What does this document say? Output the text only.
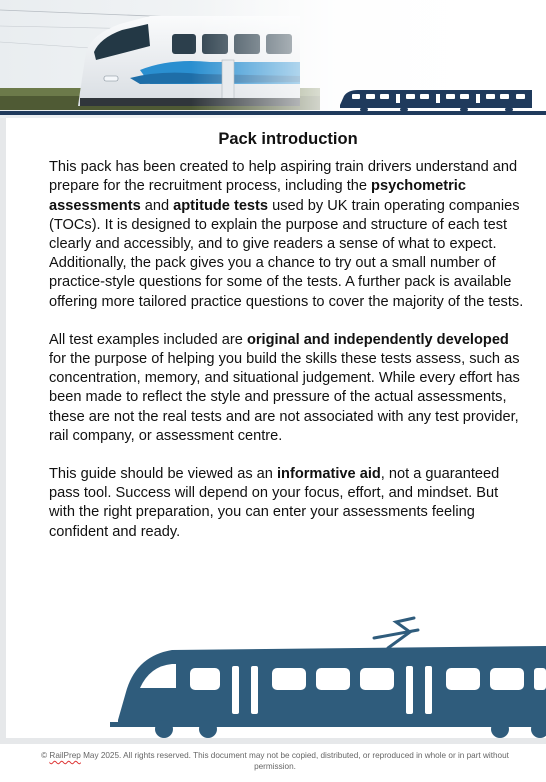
Pack introduction

This pack has been created to help aspiring train drivers understand and prepare for the recruitment process, including the psychometric assessments and aptitude tests used by UK train operating companies (TOCs). It is designed to explain the purpose and structure of each test clearly and accessibly, and to give readers a sense of what to expect. Additionally, the pack gives you a chance to try out a small number of practice-style questions for some of the tests. A further pack is available offering more tailored practice questions to cover the majority of the tests.

All test examples included are original and independently developed for the purpose of helping you build the skills these tests assess, such as concentration, memory, and situational judgement. While every effort has been made to reflect the style and pressure of the actual assessments, these are not the real tests and are not associated with any test provider, rail company, or assessment centre.

This guide should be viewed as an informative aid, not a guaranteed pass tool. Success will depend on your focus, effort, and mindset. But with the right preparation, you can enter your assessments feeling confident and ready.

© RailPrep May 2025. All rights reserved. This document may not be copied, distributed, or reproduced in whole or in part without permission.
